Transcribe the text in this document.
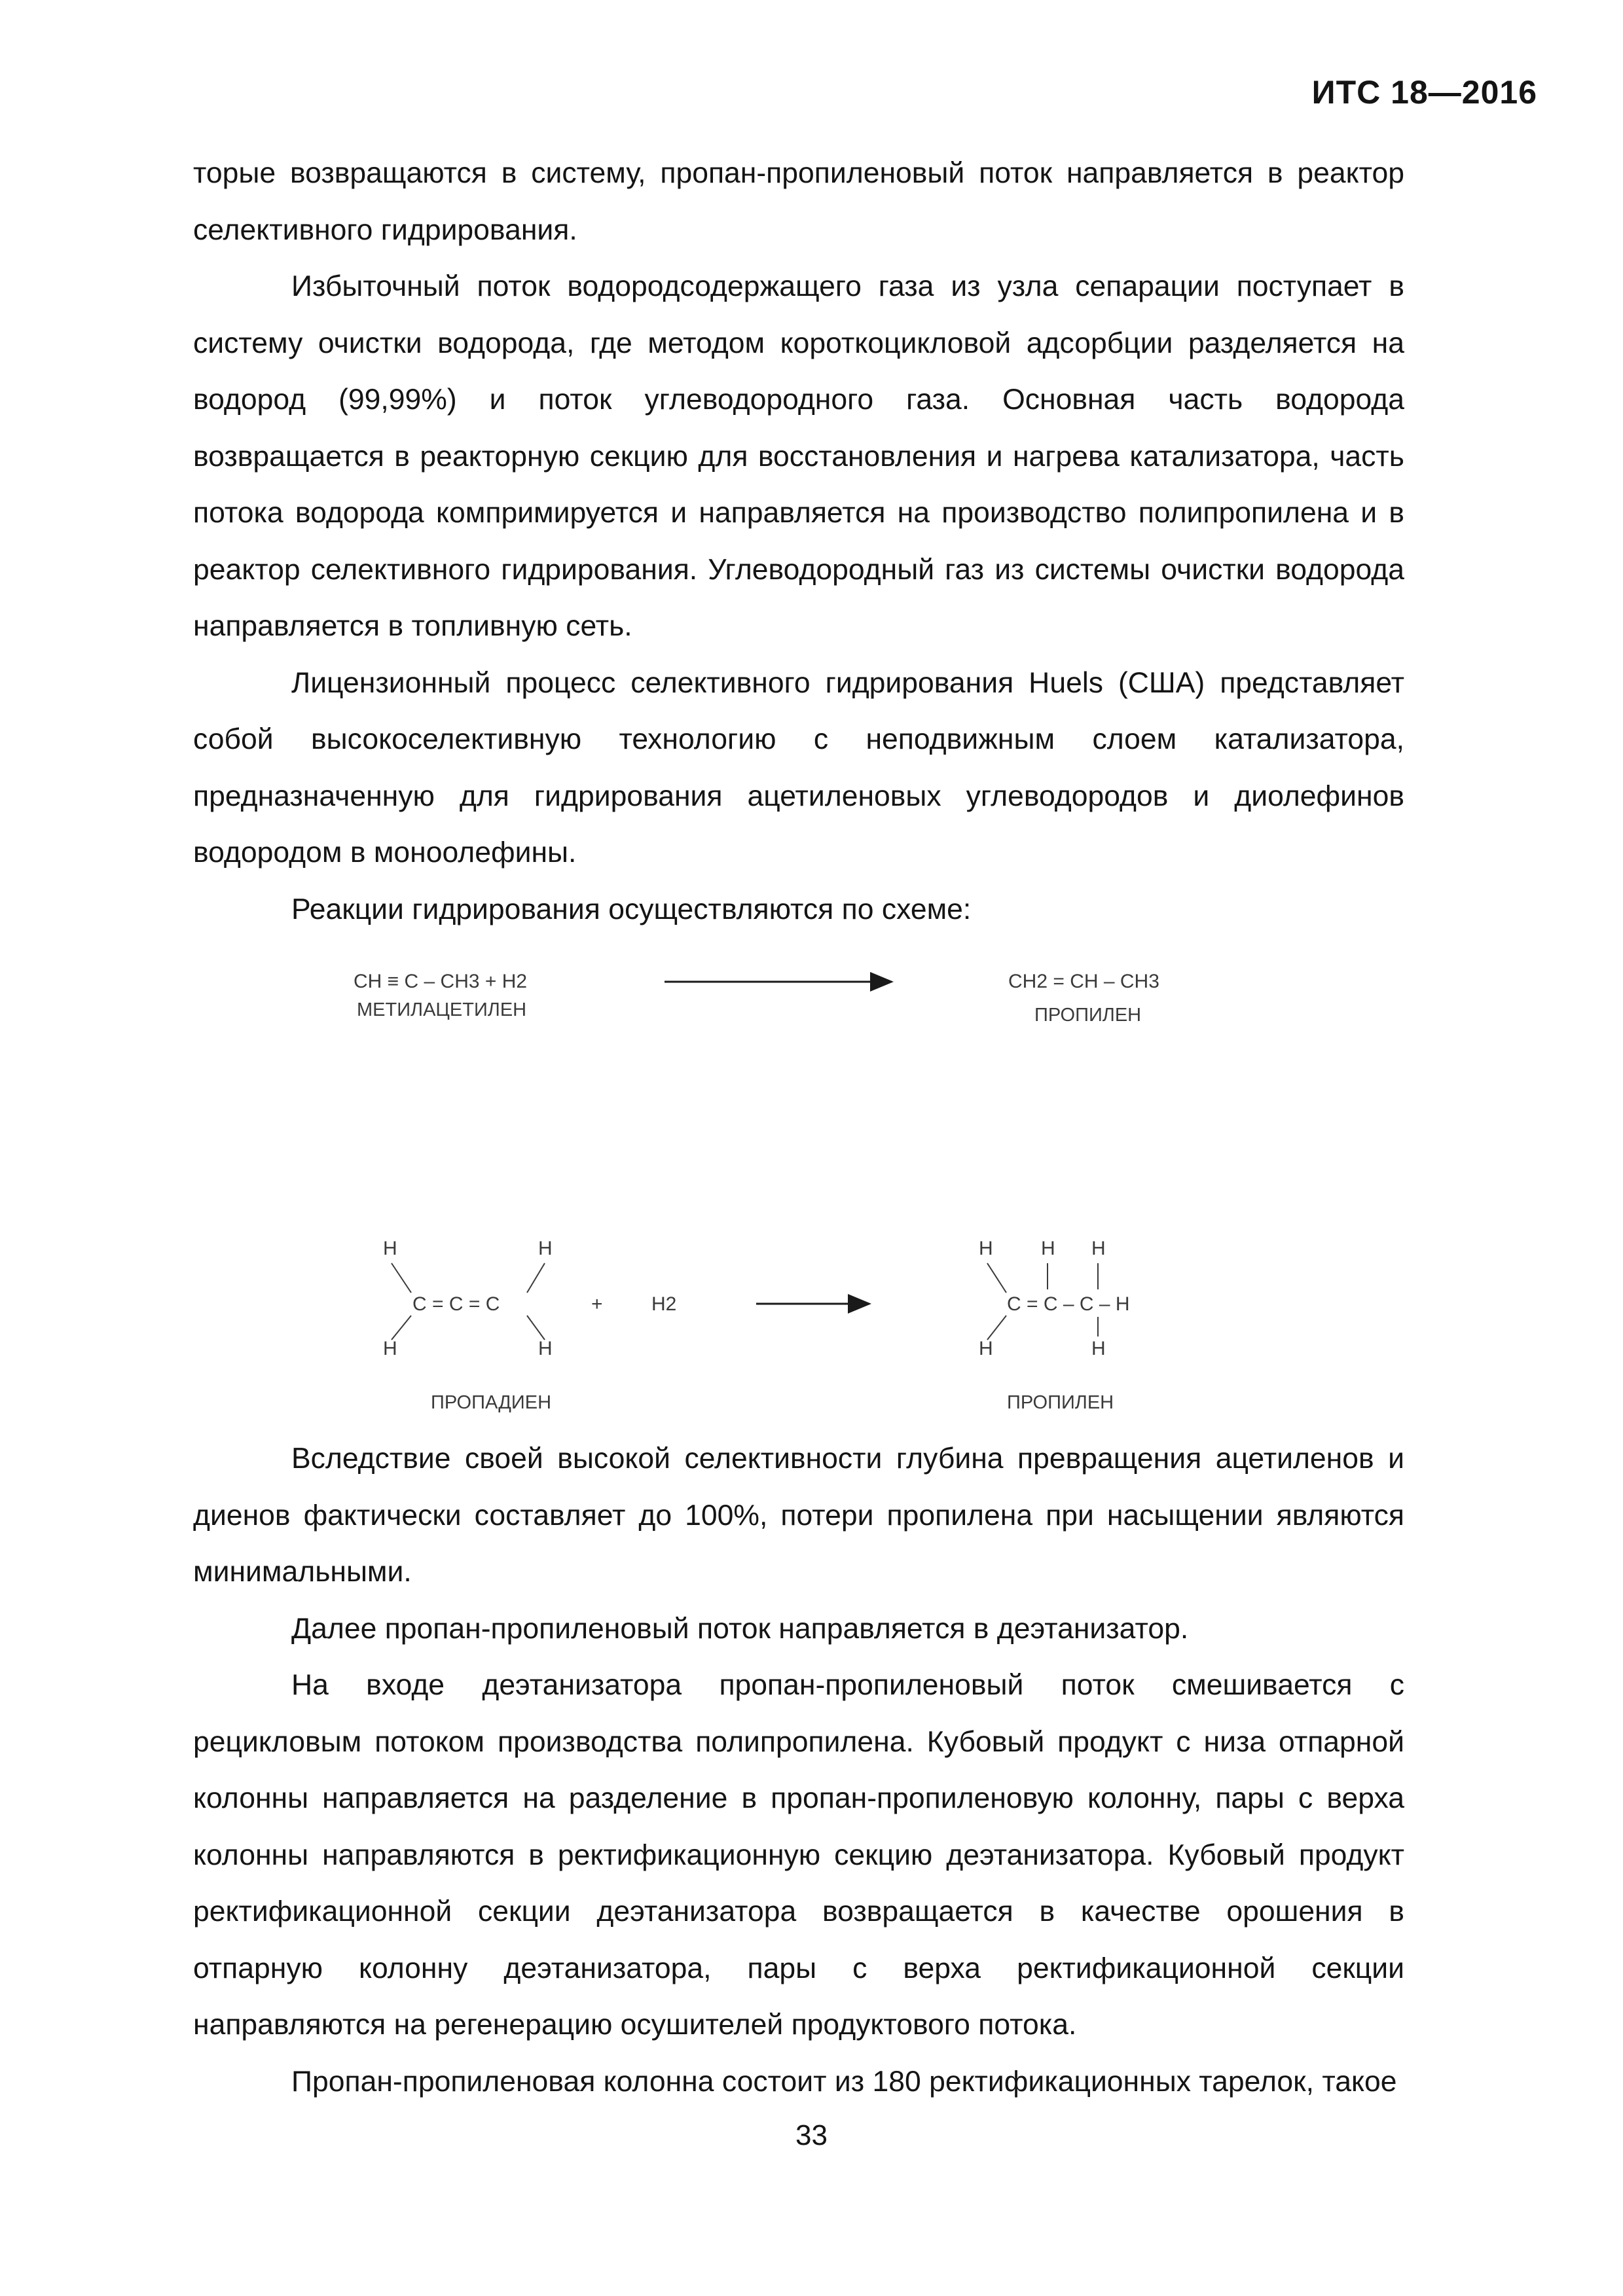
ИТС 18—2016

торые возвращаются в систему, пропан-пропиленовый поток направляется в реактор селективного гидрирования.

Избыточный поток водородсодержащего газа из узла сепарации поступает в систему очистки водорода, где методом короткоцикловой адсорбции разделяется на водород (99,99%) и поток углеводородного газа. Основная часть водорода возвращается в реакторную секцию для восстановления и нагрева катализатора, часть потока водорода компримируется и направляется на производство полипропилена и в реактор селективного гидрирования. Углеводородный газ из системы очистки водорода направляется в топливную сеть.

Лицензионный процесс селективного гидрирования Huels (США) представляет собой высокоселективную технологию с неподвижным слоем катализатора, предназначенную для гидрирования ацетиленовых углеводородов и диолефинов водородом в моноолефины.

Реакции гидрирования осуществляются по схеме:

CH ≡ C – CH3 + H2
МЕТИЛАЦЕТИЛЕН
CH2 = CH – CH3
ПРОПИЛЕН
H
H
H
H
C = C = C	+ H2
H
H
H H
H
C = C – C – H
ПРОПАДИЕН	ПРОПИЛЕН

Вследствие своей высокой селективности глубина превращения ацетиленов и диенов фактически составляет до 100%, потери пропилена при насыщении являются минимальными.

Далее пропан-пропиленовый поток направляется в деэтанизатор.

На входе деэтанизатора пропан-пропиленовый поток смешивается с рецикловым потоком производства полипропилена. Кубовый продукт с низа отпарной колонны направляется на разделение в пропан-пропиленовую колонну, пары с верха колонны направляются в ректификационную секцию деэтанизатора. Кубовый продукт ректификационной секции деэтанизатора возвращается в качестве орошения в отпарную колонну деэтанизатора, пары с верха ректификационной секции направляются на регенерацию осушителей продуктового потока.

Пропан-пропиленовая колонна состоит из 180 ректификационных тарелок, такое

33
